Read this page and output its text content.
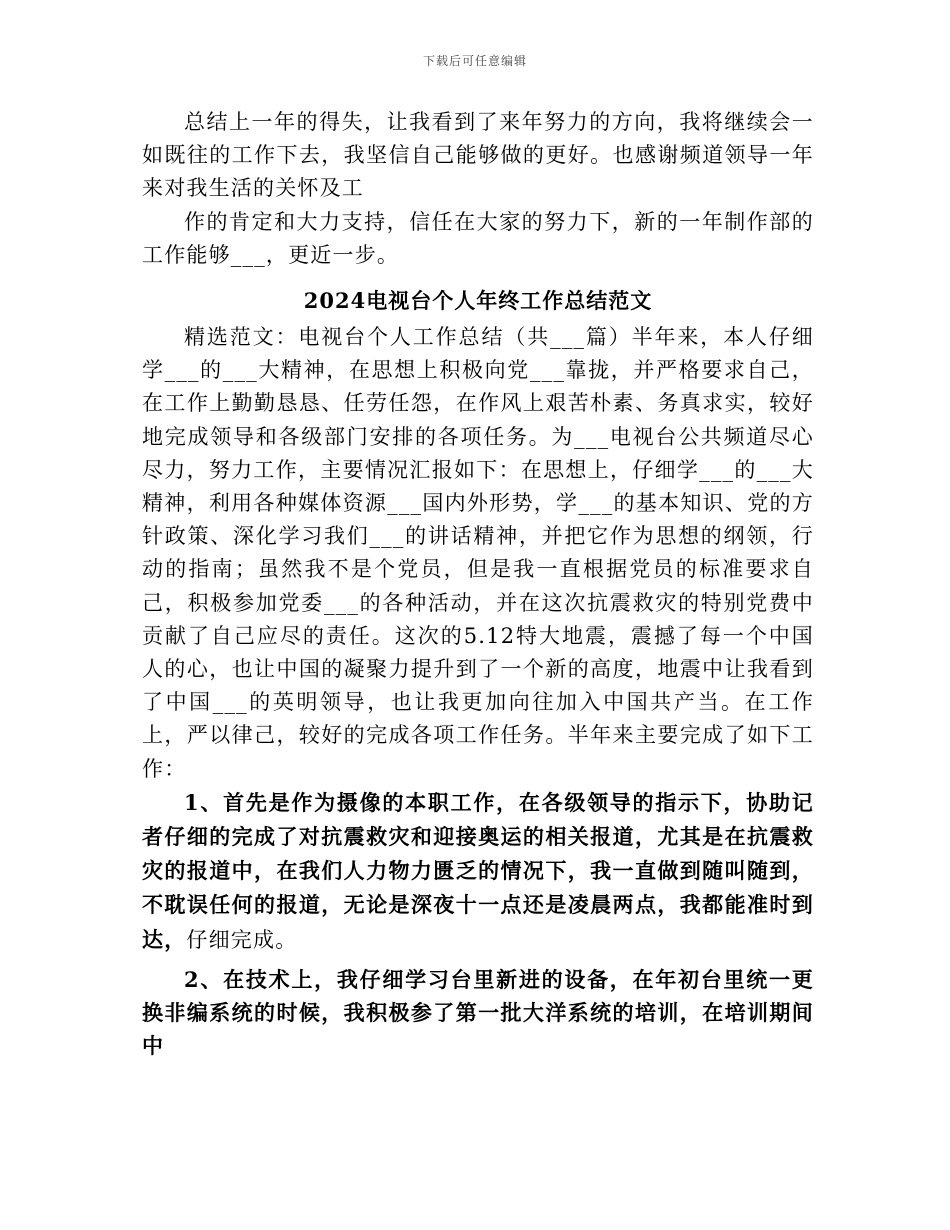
下载后可任意编辑

总结上一年的得失，让我看到了来年努力的方向，我将继续会一如既往的工作下去，我坚信自己能够做的更好。也感谢频道领导一年来对我生活的关怀及工

作的肯定和大力支持，信任在大家的努力下，新的一年制作部的工作能够___，更近一步。

2024电视台个人年终工作总结范文

精选范文：电视台个人工作总结（共___篇）半年来，本人仔细学___的___大精神，在思想上积极向党___靠拢，并严格要求自己，在工作上勤勤恳恳、任劳任怨，在作风上艰苦朴素、务真求实，较好地完成领导和各级部门安排的各项任务。为___电视台公共频道尽心尽力，努力工作，主要情况汇报如下：在思想上，仔细学___的___大精神，利用各种媒体资源___国内外形势，学___的基本知识、党的方针政策、深化学习我们___的讲话精神，并把它作为思想的纲领，行动的指南；虽然我不是个党员，但是我一直根据党员的标准要求自己，积极参加党委___的各种活动，并在这次抗震救灾的特别党费中贡献了自己应尽的责任。这次的5.12特大地震，震撼了每一个中国人的心，也让中国的凝聚力提升到了一个新的高度，地震中让我看到了中国___的英明领导，也让我更加向往加入中国共产当。在工作上，严以律己，较好的完成各项工作任务。半年来主要完成了如下工作：

1、首先是作为摄像的本职工作，在各级领导的指示下，协助记者仔细的完成了对抗震救灾和迎接奥运的相关报道，尤其是在抗震救灾的报道中，在我们人力物力匮乏的情况下，我一直做到随叫随到，不耽误任何的报道，无论是深夜十一点还是凌晨两点，我都能准时到达，仔细完成。

2、在技术上，我仔细学习台里新进的设备，在年初台里统一更换非编系统的时候，我积极参了第一批大洋系统的培训，在培训期间中
